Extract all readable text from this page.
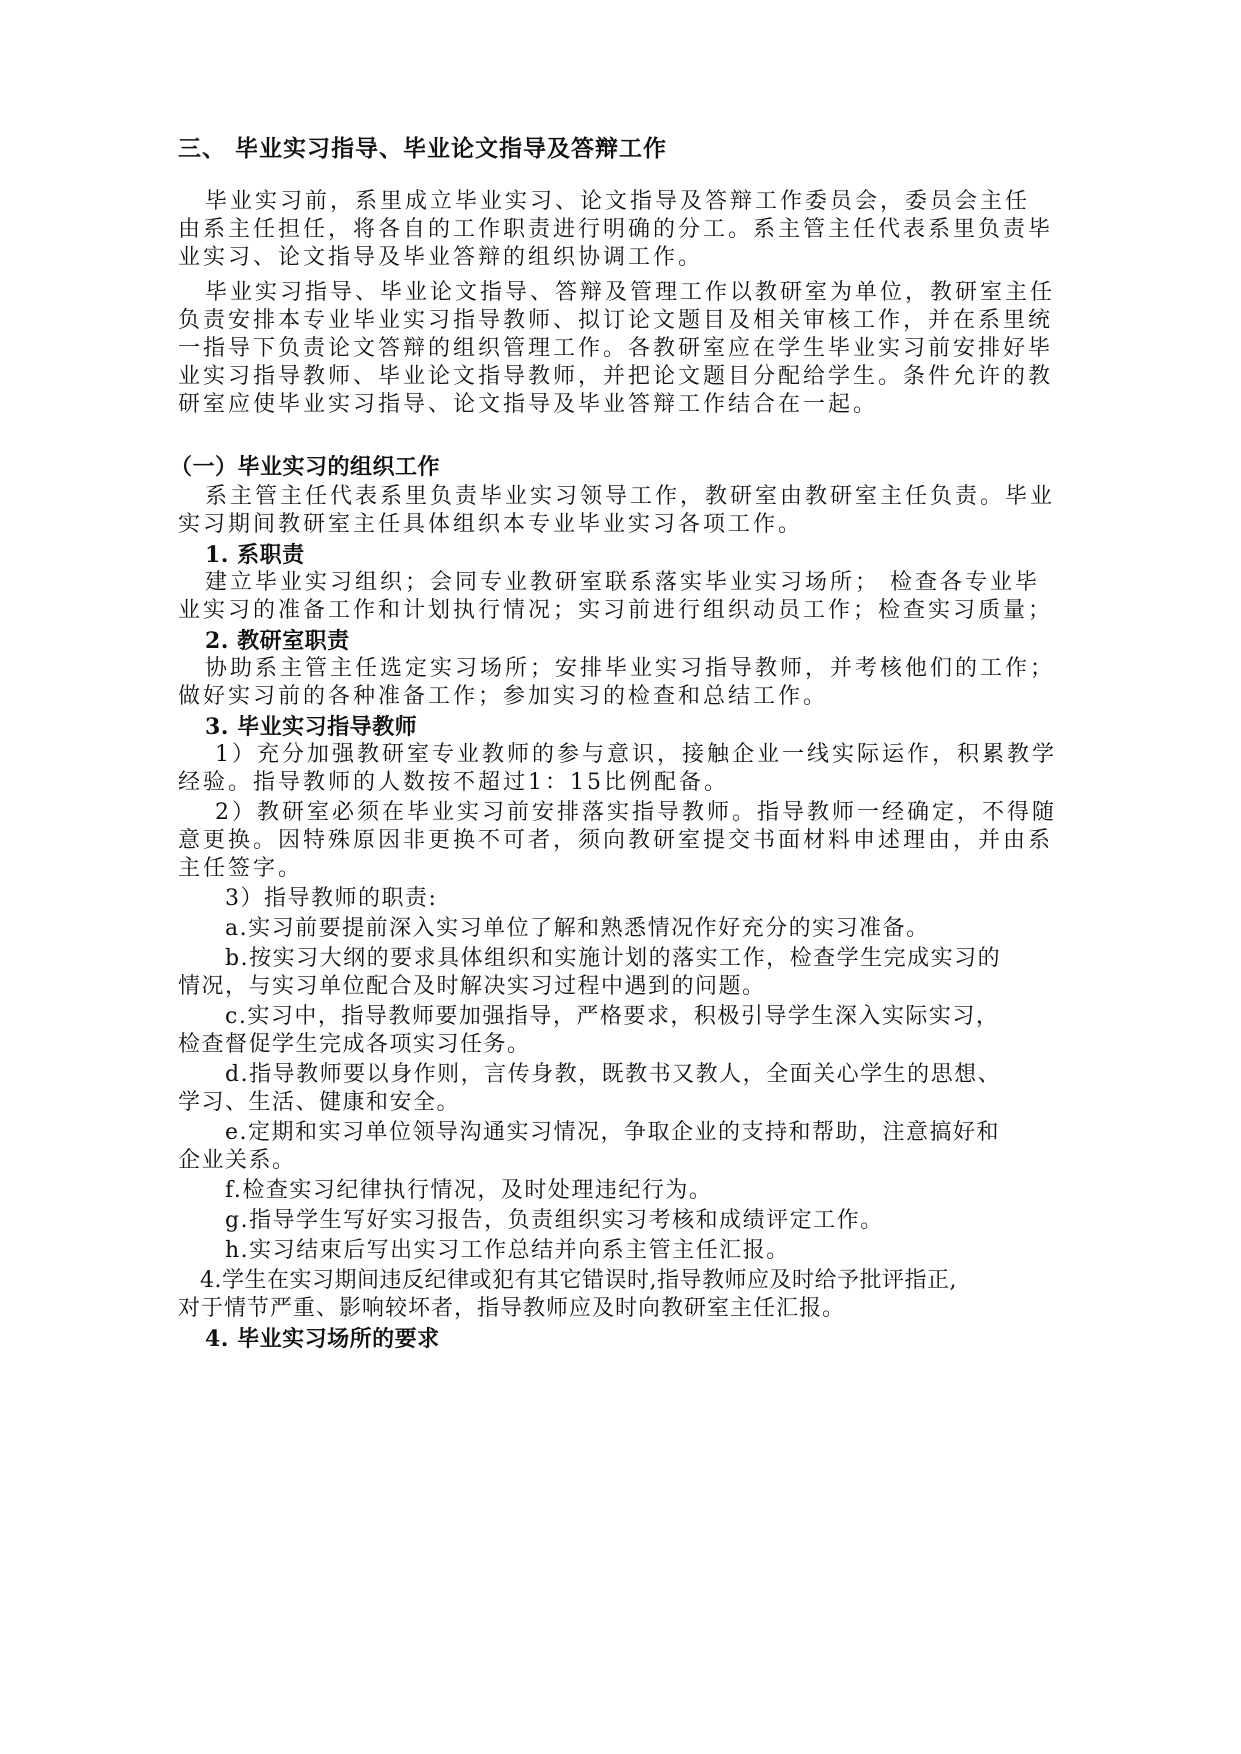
三、 毕业实习指导、毕业论文指导及答辩工作
毕业实习前，系里成立毕业实习、论文指导及答辩工作委员会，委员会主任
由系主任担任，将各自的工作职责进行明确的分工。系主管主任代表系里负责毕
业实习、论文指导及毕业答辩的组织协调工作。
毕业实习指导、毕业论文指导、答辩及管理工作以教研室为单位，教研室主任
负责安排本专业毕业实习指导教师、拟订论文题目及相关审核工作，并在系里统
一指导下负责论文答辩的组织管理工作。各教研室应在学生毕业实习前安排好毕
业实习指导教师、毕业论文指导教师，并把论文题目分配给学生。条件允许的教
研室应使毕业实习指导、论文指导及毕业答辩工作结合在一起。
（一）毕业实习的组织工作
系主管主任代表系里负责毕业实习领导工作，教研室由教研室主任负责。毕业
实习期间教研室主任具体组织本专业毕业实习各项工作。
1. 系职责
建立毕业实习组织；会同专业教研室联系落实毕业实习场所； 检查各专业毕
业实习的准备工作和计划执行情况；实习前进行组织动员工作；检查实习质量；
2. 教研室职责
协助系主管主任选定实习场所；安排毕业实习指导教师，并考核他们的工作；
做好实习前的各种准备工作；参加实习的检查和总结工作。
3. 毕业实习指导教师
1）充分加强教研室专业教师的参与意识，接触企业一线实际运作，积累教学
经验。指导教师的人数按不超过1：15比例配备。
2）教研室必须在毕业实习前安排落实指导教师。指导教师一经确定，不得随
意更换。因特殊原因非更换不可者，须向教研室提交书面材料申述理由，并由系
主任签字。
3）指导教师的职责:
a.实习前要提前深入实习单位了解和熟悉情况作好充分的实习准备。
b.按实习大纲的要求具体组织和实施计划的落实工作，检查学生完成实习的
情况，与实习单位配合及时解决实习过程中遇到的问题。
c.实习中，指导教师要加强指导，严格要求，积极引导学生深入实际实习，
检查督促学生完成各项实习任务。
d.指导教师要以身作则，言传身教，既教书又教人，全面关心学生的思想、
学习、生活、健康和安全。
e.定期和实习单位领导沟通实习情况，争取企业的支持和帮助，注意搞好和
企业关系。
f.检查实习纪律执行情况，及时处理违纪行为。
g.指导学生写好实习报告，负责组织实习考核和成绩评定工作。
h.实习结束后写出实习工作总结并向系主管主任汇报。
4.学生在实习期间违反纪律或犯有其它错误时,指导教师应及时给予批评指正,
对于情节严重、影响较坏者，指导教师应及时向教研室主任汇报。
4. 毕业实习场所的要求
